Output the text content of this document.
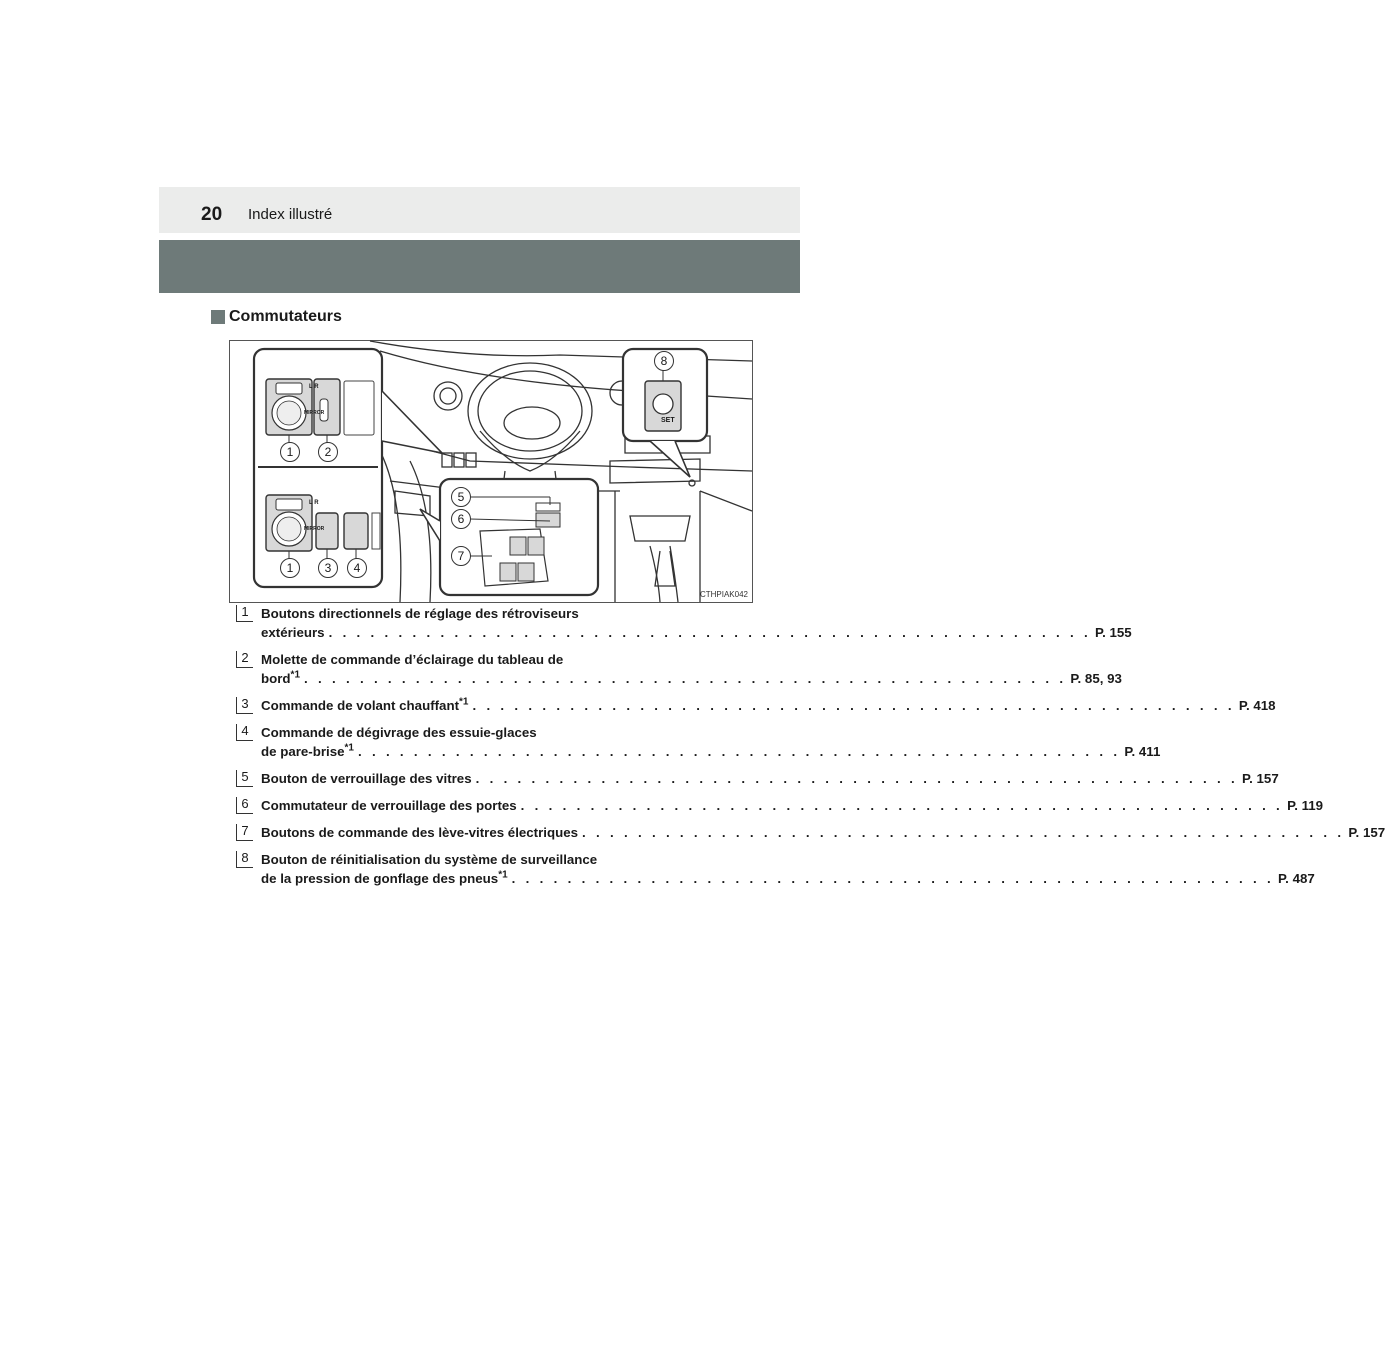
20 Index illustré
Commutateurs
L R
MIRROR
L R
MIRROR
SET
1	2
1	3	4
5
6
7
8
CTHPIAK042
1 Boutons directionnels de réglage des rétroviseurs
extérieurs . . . . . . . . . . . . . . . . . . . . . . . . . . . . . . . . . . . . . . . . . . . . . . . . . . . . . . . P. 155
2 Molette de commande d’éclairage du tableau de
bord$^{*1}$ . . . . . . . . . . . . . . . . . . . . . . . . . . . . . . . . . . . . . . . . . . . . . . . . . . . . . . . P. 85, 93
3 Commande de volant chauffant$^{*1}$ . . . . . . . . . . . . . . . . . . . . . . . . . . . . . . . . . . . . . . . . . . . . . . . . . . . . . . . P. 418
4 Commande de dégivrage des essuie-glaces
de pare-brise$^{*1}$ . . . . . . . . . . . . . . . . . . . . . . . . . . . . . . . . . . . . . . . . . . . . . . . . . . . . . . . P. 411
5 Bouton de verrouillage des vitres . . . . . . . . . . . . . . . . . . . . . . . . . . . . . . . . . . . . . . . . . . . . . . . . . . . . . . . P. 157
6 Commutateur de verrouillage des portes . . . . . . . . . . . . . . . . . . . . . . . . . . . . . . . . . . . . . . . . . . . . . . . . . . . . . . . P. 119
7 Boutons de commande des lève-vitres électriques . . . . . . . . . . . . . . . . . . . . . . . . . . . . . . . . . . . . . . . . . . . . . . . . . . . . . . . P. 157
8 Bouton de réinitialisation du système de surveillance
de la pression de gonflage des pneus$^{*1}$ . . . . . . . . . . . . . . . . . . . . . . . . . . . . . . . . . . . . . . . . . . . . . . . . . . . . . . . P. 487
